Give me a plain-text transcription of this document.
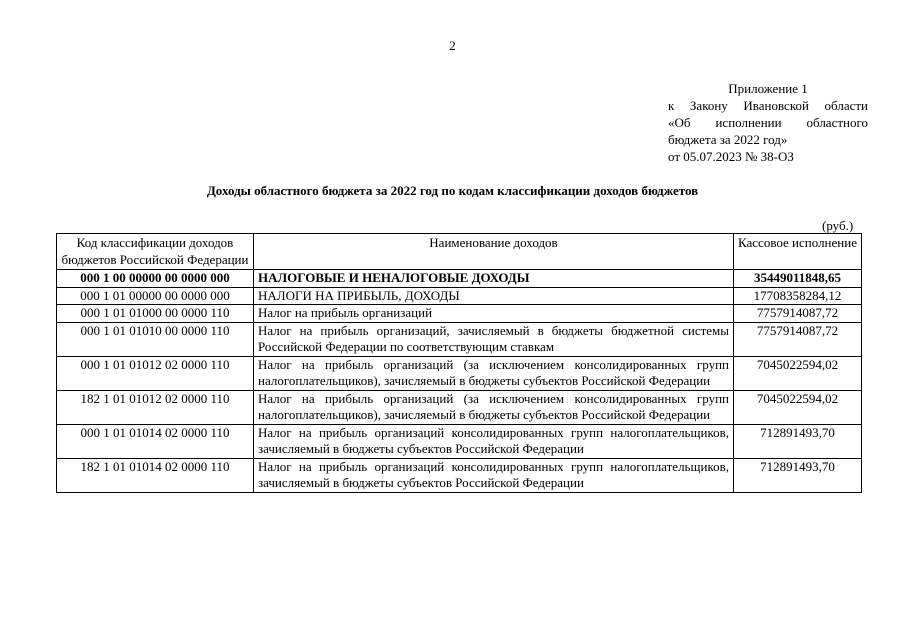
2
Приложение 1
к Закону Ивановской области
«Об исполнении областного
бюджета за 2022 год»
от 05.07.2023 № 38-ОЗ
Доходы областного бюджета за 2022 год по кодам классификации доходов бюджетов
(руб.)
Код классификации доходов бюджетов Российской Федерации	Наименование доходов	Кассовое исполнение
000 1 00 00000 00 0000 000	НАЛОГОВЫЕ И НЕНАЛОГОВЫЕ ДОХОДЫ	35449011848,65
000 1 01 00000 00 0000 000	НАЛОГИ НА ПРИБЫЛЬ, ДОХОДЫ	17708358284,12
000 1 01 01000 00 0000 110	Налог на прибыль организаций	7757914087,72
000 1 01 01010 00 0000 110	Налог на прибыль организаций, зачисляемый в бюджеты бюджетной системы Российской Федерации по соответствующим ставкам	7757914087,72
000 1 01 01012 02 0000 110	Налог на прибыль организаций (за исключением консолидированных групп налогоплательщиков), зачисляемый в бюджеты субъектов Российской Федерации	7045022594,02
182 1 01 01012 02 0000 110	Налог на прибыль организаций (за исключением консолидированных групп налогоплательщиков), зачисляемый в бюджеты субъектов Российской Федерации	7045022594,02
000 1 01 01014 02 0000 110	Налог на прибыль организаций консолидированных групп налогоплательщиков, зачисляемый в бюджеты субъектов Российской Федерации	712891493,70
182 1 01 01014 02 0000 110	Налог на прибыль организаций консолидированных групп налогоплательщиков, зачисляемый в бюджеты субъектов Российской Федерации	712891493,70
